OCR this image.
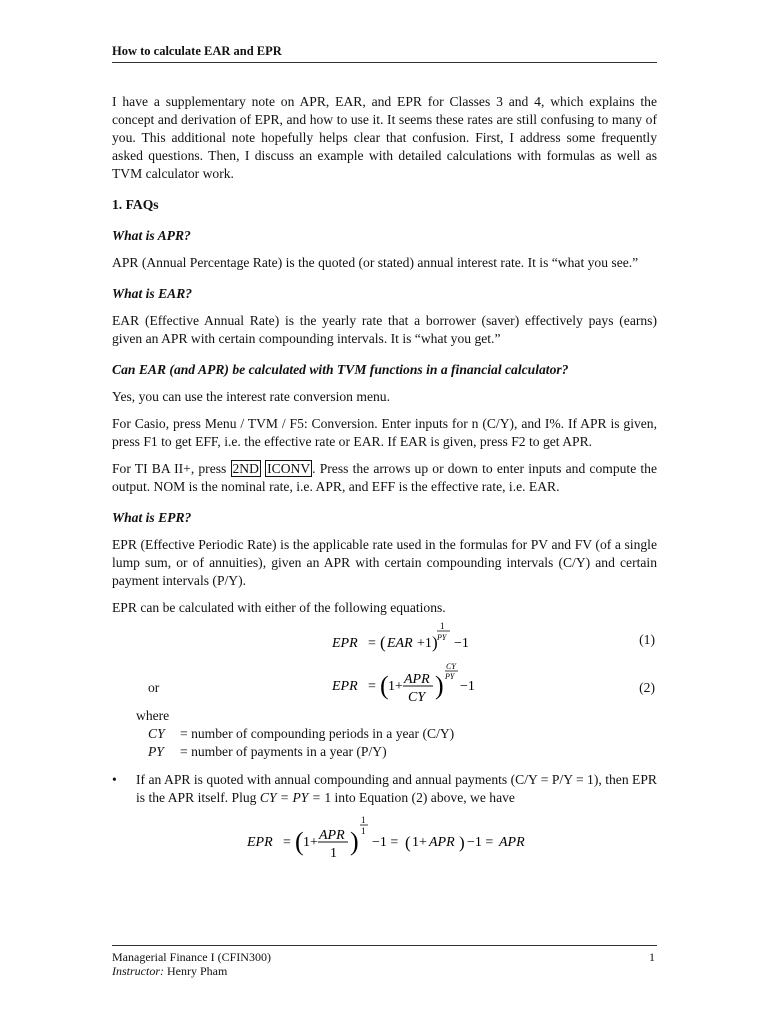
How to calculate EAR and EPR

I have a supplementary note on APR, EAR, and EPR for Classes 3 and 4, which explains the concept and derivation of EPR, and how to use it. It seems these rates are still confusing to many of you. This additional note hopefully helps clear that confusion. First, I address some frequently asked questions. Then, I discuss an example with detailed calculations with formulas as well as TVM calculator work.

1. FAQs
What is APR?

APR (Annual Percentage Rate) is the quoted (or stated) annual interest rate. It is “what you see.”

What is EAR?

EAR (Effective Annual Rate) is the yearly rate that a borrower (saver) effectively pays (earns) given an APR with certain compounding intervals. It is “what you get.”

Can EAR (and APR) be calculated with TVM functions in a financial calculator?

Yes, you can use the interest rate conversion menu.

For Casio, press Menu / TVM / F5: Conversion. Enter inputs for n (C/Y), and I%. If APR is given, press F1 to get EFF, i.e. the effective rate or EAR. If EAR is given, press F2 to get APR.

For TI BA II+, press 2ND ICONV . Press the arrows up or down to enter inputs and compute the output. NOM is the nominal rate, i.e. APR, and EFF is the effective rate, i.e. EAR.

What is EPR?

EPR (Effective Periodic Rate) is the applicable rate used in the formulas for PV and FV (of a single lump sum, or of annuities), given an APR with certain compounding intervals (C/Y) and certain payment intervals (P/Y).

EPR can be calculated with either of the following equations.

EPR = ( EAR +1 )
1
PY −1	(1)
or	EPR = ( 1+ APR
CY )
CY
PY
−1	(2)
where
CY	= number of compounding periods in a year (C/Y)
PY	= number of payments in a year (P/Y)
•	If an APR is quoted with annual compounding and annual payments (C/Y = P/Y = 1), then EPR is the APR itself. Plug CY = PY = 1 into Equation (2) above, we have
EPR = ( 1+ APR
1 )
1
1
−1 = ( 1+ APR ) −1 = APR
Managerial Finance I (CFIN300)
Instructor: Henry Pham
1
